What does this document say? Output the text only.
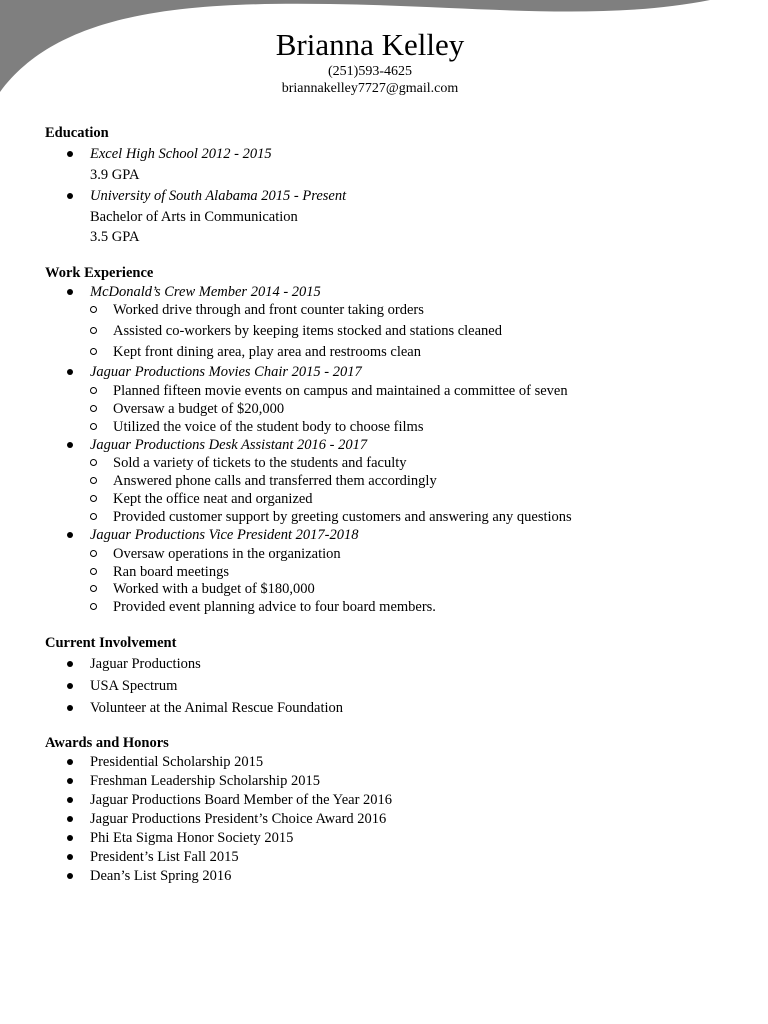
Brianna Kelley
(251)593-4625
briannakelley7727@gmail.com
Education
Excel High School 2012 - 2015
3.9 GPA
University of South Alabama 2015 - Present
Bachelor of Arts in Communication
3.5 GPA
Work Experience
McDonald’s Crew Member 2014 - 2015
Worked drive through and front counter taking orders
Assisted co-workers by keeping items stocked and stations cleaned
Kept front dining area, play area and restrooms clean
Jaguar Productions Movies Chair 2015 - 2017
Planned fifteen movie events on campus and maintained a committee of seven
Oversaw a budget of $20,000
Utilized the voice of the student body to choose films
Jaguar Productions Desk Assistant 2016 - 2017
Sold a variety of tickets to the students and faculty
Answered phone calls and transferred them accordingly
Kept the office neat and organized
Provided customer support by greeting customers and answering any questions
Jaguar Productions Vice President 2017-2018
Oversaw operations in the organization
Ran board meetings
Worked with a budget of $180,000
Provided event planning advice to four board members.
Current Involvement
Jaguar Productions
USA Spectrum
Volunteer at the Animal Rescue Foundation
Awards and Honors
Presidential Scholarship 2015
Freshman Leadership Scholarship 2015
Jaguar Productions Board Member of the Year 2016
Jaguar Productions President’s Choice Award 2016
Phi Eta Sigma Honor Society 2015
President’s List Fall 2015
Dean’s List Spring 2016
